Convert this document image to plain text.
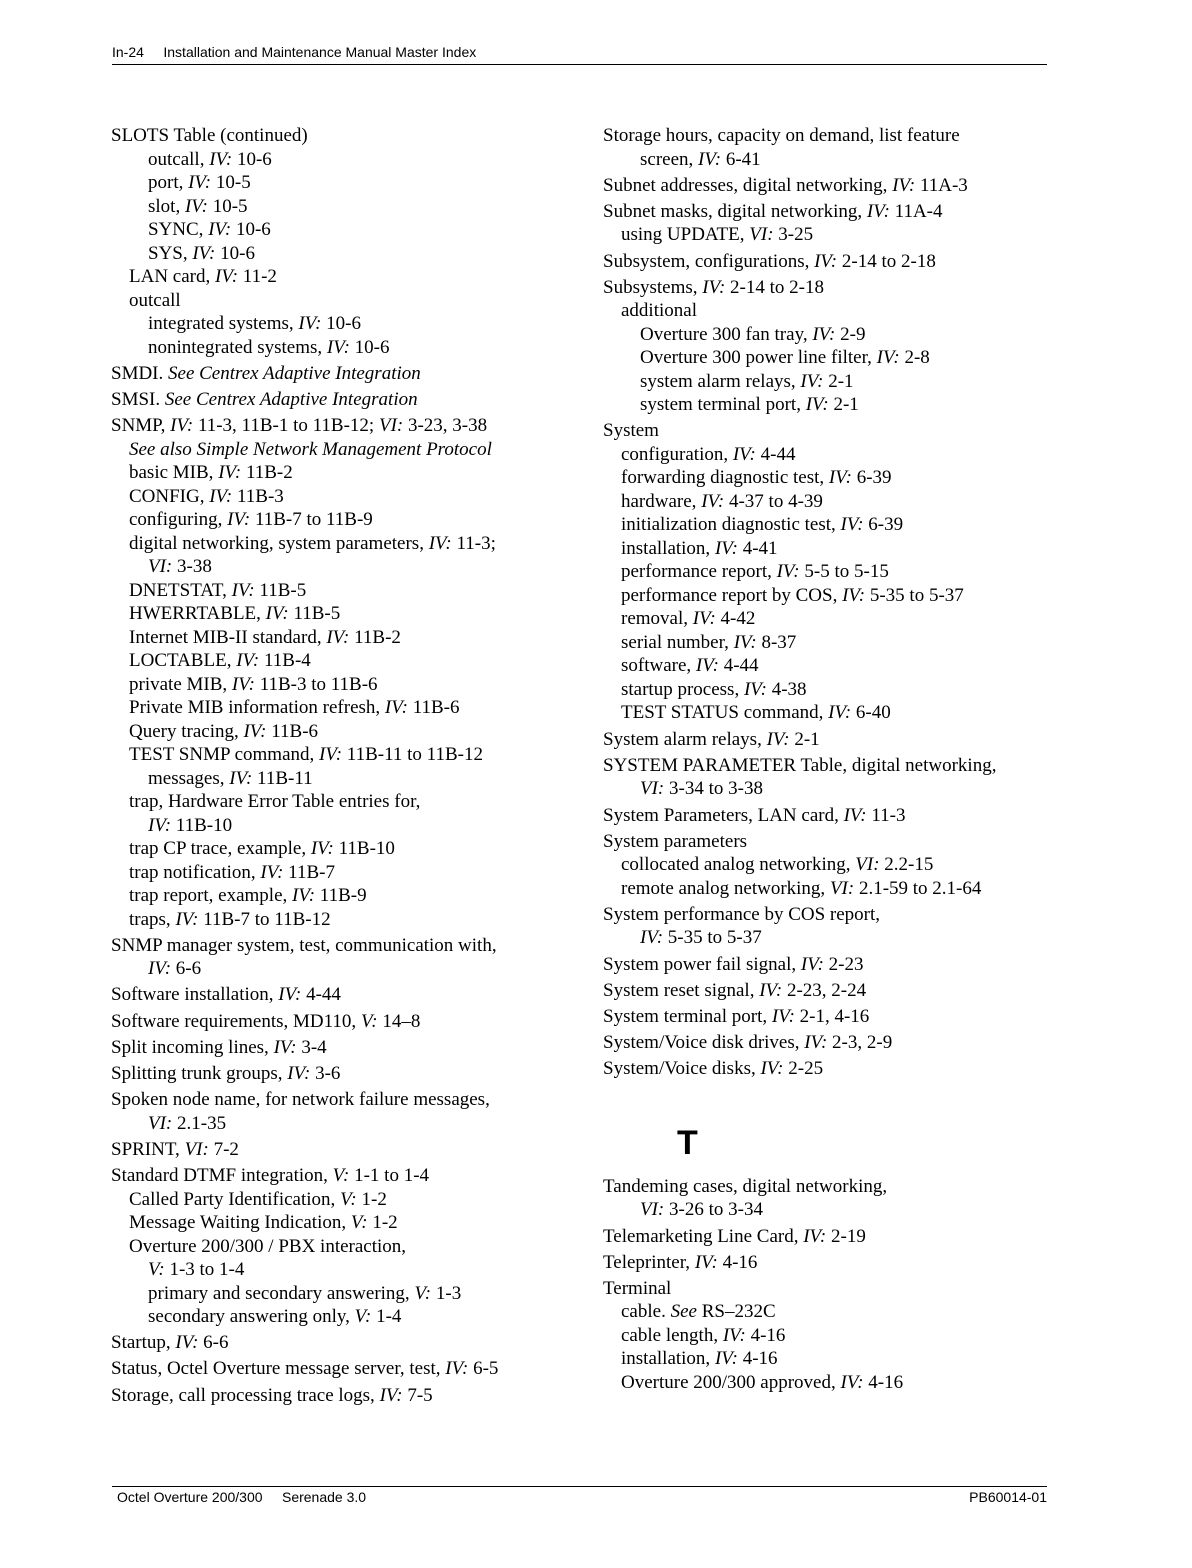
In-24 Installation and Maintenance Manual Master Index
SLOTS Table (continued)
outcall, IV: 10-6
port, IV: 10-5
slot, IV: 10-5
SYNC, IV: 10-6
SYS, IV: 10-6
LAN card, IV: 11-2
outcall
integrated systems, IV: 10-6
nonintegrated systems, IV: 10-6
SMDI. See Centrex Adaptive Integration
SMSI. See Centrex Adaptive Integration
SNMP, IV: 11-3, 11B-1 to 11B-12; VI: 3-23, 3-38
See also Simple Network Management Protocol
basic MIB, IV: 11B-2
CONFIG, IV: 11B-3
configuring, IV: 11B-7 to 11B-9
digital networking, system parameters, IV: 11-3;
VI: 3-38
DNETSTAT, IV: 11B-5
HWERRTABLE, IV: 11B-5
Internet MIB-II standard, IV: 11B-2
LOCTABLE, IV: 11B-4
private MIB, IV: 11B-3 to 11B-6
Private MIB information refresh, IV: 11B-6
Query tracing, IV: 11B-6
TEST SNMP command, IV: 11B-11 to 11B-12
messages, IV: 11B-11
trap, Hardware Error Table entries for,
IV: 11B-10
trap CP trace, example, IV: 11B-10
trap notification, IV: 11B-7
trap report, example, IV: 11B-9
traps, IV: 11B-7 to 11B-12
SNMP manager system, test, communication with,
IV: 6-6
Software installation, IV: 4-44
Software requirements, MD110, V: 14–8
Split incoming lines, IV: 3-4
Splitting trunk groups, IV: 3-6
Spoken node name, for network failure messages,
VI: 2.1-35
SPRINT, VI: 7-2
Standard DTMF integration, V: 1-1 to 1-4
Called Party Identification, V: 1-2
Message Waiting Indication, V: 1-2
Overture 200/300 / PBX interaction,
V: 1-3 to 1-4
primary and secondary answering, V: 1-3
secondary answering only, V: 1-4
Startup, IV: 6-6
Status, Octel Overture message server, test, IV: 6-5
Storage, call processing trace logs, IV: 7-5
Storage hours, capacity on demand, list feature
screen, IV: 6-41
Subnet addresses, digital networking, IV: 11A-3
Subnet masks, digital networking, IV: 11A-4
using UPDATE, VI: 3-25
Subsystem, configurations, IV: 2-14 to 2-18
Subsystems, IV: 2-14 to 2-18
additional
Overture 300 fan tray, IV: 2-9
Overture 300 power line filter, IV: 2-8
system alarm relays, IV: 2-1
system terminal port, IV: 2-1
System
configuration, IV: 4-44
forwarding diagnostic test, IV: 6-39
hardware, IV: 4-37 to 4-39
initialization diagnostic test, IV: 6-39
installation, IV: 4-41
performance report, IV: 5-5 to 5-15
performance report by COS, IV: 5-35 to 5-37
removal, IV: 4-42
serial number, IV: 8-37
software, IV: 4-44
startup process, IV: 4-38
TEST STATUS command, IV: 6-40
System alarm relays, IV: 2-1
SYSTEM PARAMETER Table, digital networking,
VI: 3-34 to 3-38
System Parameters, LAN card, IV: 11-3
System parameters
collocated analog networking, VI: 2.2-15
remote analog networking, VI: 2.1-59 to 2.1-64
System performance by COS report,
IV: 5-35 to 5-37
System power fail signal, IV: 2-23
System reset signal, IV: 2-23, 2-24
System terminal port, IV: 2-1, 4-16
System/Voice disk drives, IV: 2-3, 2-9
System/Voice disks, IV: 2-25
T
Tandeming cases, digital networking,
VI: 3-26 to 3-34
Telemarketing Line Card, IV: 2-19
Teleprinter, IV: 4-16
Terminal
cable. See RS–232C
cable length, IV: 4-16
installation, IV: 4-16
Overture 200/300 approved, IV: 4-16
Octel Overture 200/300 Serenade 3.0	PB60014-01
